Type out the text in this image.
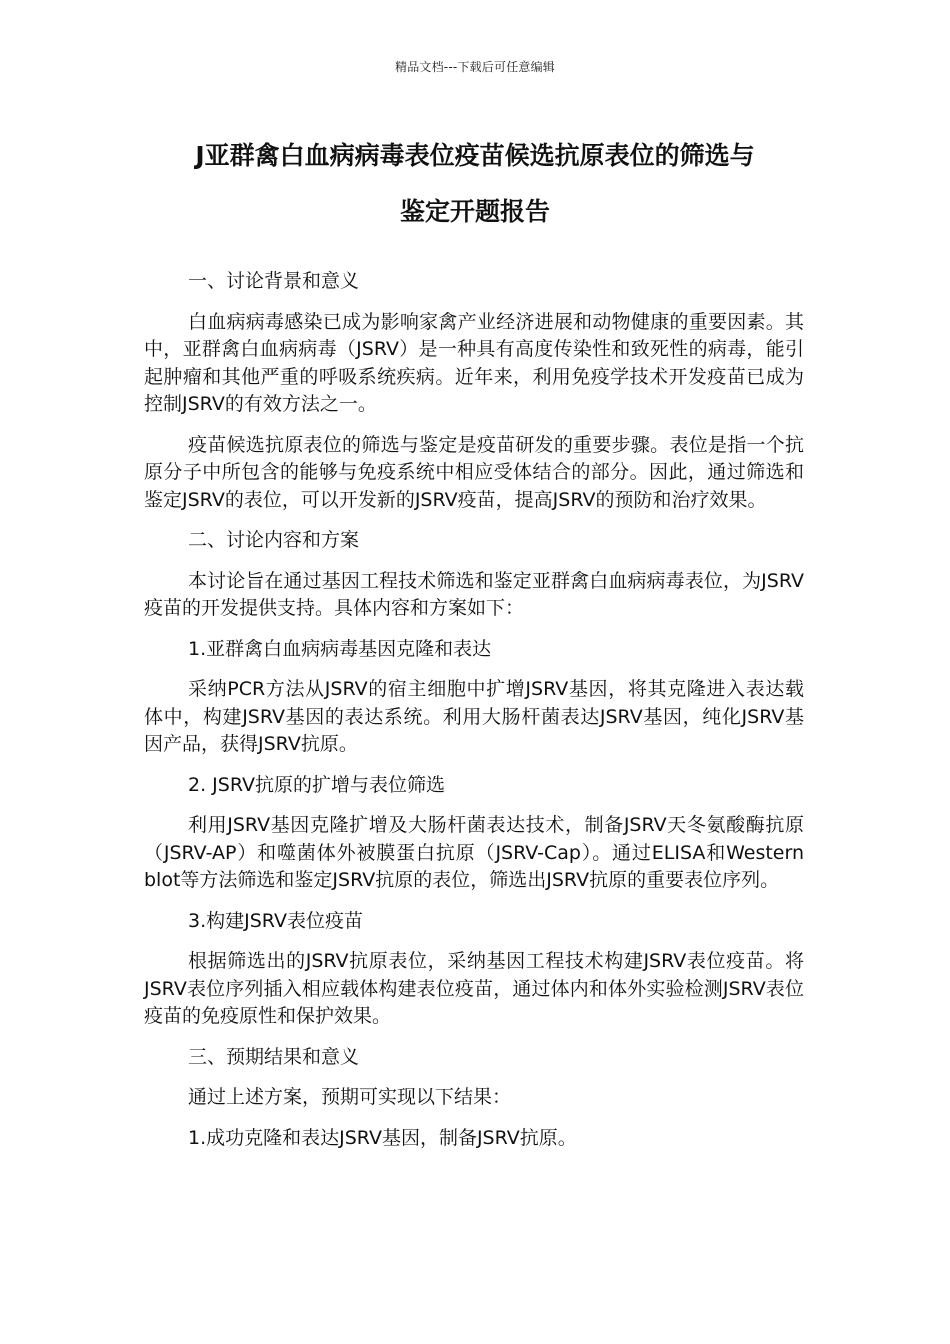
精品文档---下载后可任意编辑

J亚群禽白血病病毒表位疫苗候选抗原表位的筛选与

鉴定开题报告

一、讨论背景和意义

白血病病毒感染已成为影响家禽产业经济进展和动物健康的重要因素。其中，亚群禽白血病病毒（JSRV）是一种具有高度传染性和致死性的病毒，能引起肿瘤和其他严重的呼吸系统疾病。近年来，利用免疫学技术开发疫苗已成为控制JSRV的有效方法之一。

疫苗候选抗原表位的筛选与鉴定是疫苗研发的重要步骤。表位是指一个抗原分子中所包含的能够与免疫系统中相应受体结合的部分。因此，通过筛选和鉴定JSRV的表位，可以开发新的JSRV疫苗，提高JSRV的预防和治疗效果。

二、讨论内容和方案

本讨论旨在通过基因工程技术筛选和鉴定亚群禽白血病病毒表位，为JSRV疫苗的开发提供支持。具体内容和方案如下：

1.亚群禽白血病病毒基因克隆和表达

采纳PCR方法从JSRV的宿主细胞中扩增JSRV基因，将其克隆进入表达载体中，构建JSRV基因的表达系统。利用大肠杆菌表达JSRV基因，纯化JSRV基因产品，获得JSRV抗原。

2. JSRV抗原的扩增与表位筛选

利用JSRV基因克隆扩增及大肠杆菌表达技术，制备JSRV天冬氨酸酶抗原（JSRV-AP）和噬菌体外被膜蛋白抗原（JSRV-Cap）。通过ELISA和Western blot等方法筛选和鉴定JSRV抗原的表位，筛选出JSRV抗原的重要表位序列。

3.构建JSRV表位疫苗

根据筛选出的JSRV抗原表位，采纳基因工程技术构建JSRV表位疫苗。将JSRV表位序列插入相应载体构建表位疫苗，通过体内和体外实验检测JSRV表位疫苗的免疫原性和保护效果。

三、预期结果和意义

通过上述方案，预期可实现以下结果：

1.成功克隆和表达JSRV基因，制备JSRV抗原。
